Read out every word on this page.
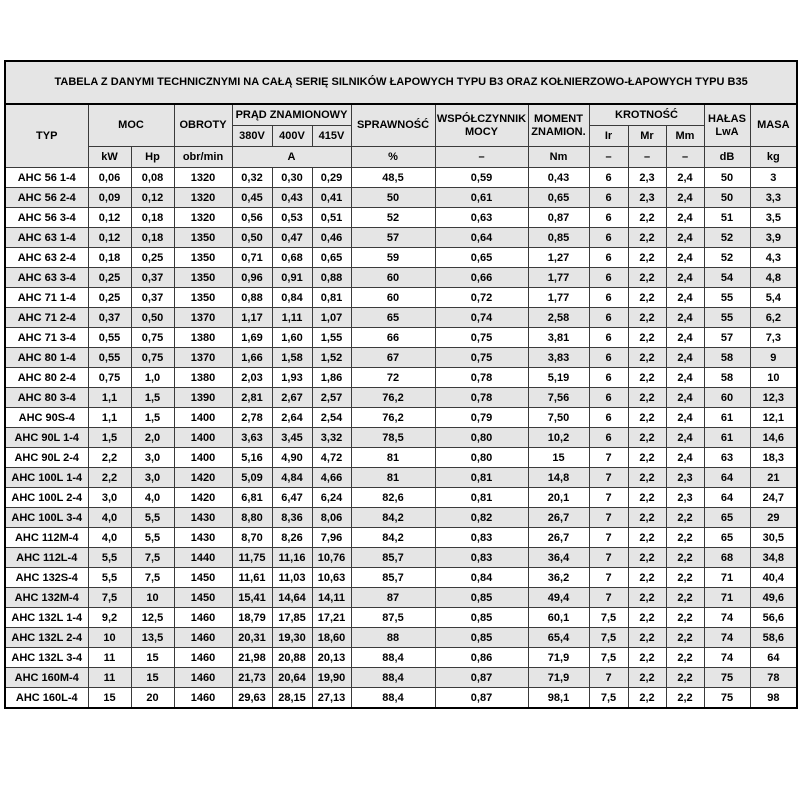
TABELA Z DANYMI TECHNICZNYMI NA CAŁĄ SERIĘ SILNIKÓW ŁAPOWYCH TYPU B3 ORAZ KOŁNIERZOWO-ŁAPOWYCH TYPU B35														
TYP	MOC		OBROTY	PRĄD ZNAMIONOWY			SPRAWNOŚĆ	WSPÓŁCZYNNIK MOCY	MOMENT ZNAMION.	KROTNOŚĆ			HAŁAS LwA	MASA
				380V	400V	415V				Ir	Mr	Mm		
	kW	Hp	obr/min	A			%	–	Nm	–	–	–	dB	kg
AHC 56 1-4	0,06	0,08	1320	0,32	0,30	0,29	48,5	0,59	0,43	6	2,3	2,4	50	3
AHC 56 2-4	0,09	0,12	1320	0,45	0,43	0,41	50	0,61	0,65	6	2,3	2,4	50	3,3
AHC 56 3-4	0,12	0,18	1320	0,56	0,53	0,51	52	0,63	0,87	6	2,2	2,4	51	3,5
AHC 63 1-4	0,12	0,18	1350	0,50	0,47	0,46	57	0,64	0,85	6	2,2	2,4	52	3,9
AHC 63 2-4	0,18	0,25	1350	0,71	0,68	0,65	59	0,65	1,27	6	2,2	2,4	52	4,3
AHC 63 3-4	0,25	0,37	1350	0,96	0,91	0,88	60	0,66	1,77	6	2,2	2,4	54	4,8
AHC 71 1-4	0,25	0,37	1350	0,88	0,84	0,81	60	0,72	1,77	6	2,2	2,4	55	5,4
AHC 71 2-4	0,37	0,50	1370	1,17	1,11	1,07	65	0,74	2,58	6	2,2	2,4	55	6,2
AHC 71 3-4	0,55	0,75	1380	1,69	1,60	1,55	66	0,75	3,81	6	2,2	2,4	57	7,3
AHC 80 1-4	0,55	0,75	1370	1,66	1,58	1,52	67	0,75	3,83	6	2,2	2,4	58	9
AHC 80 2-4	0,75	1,0	1380	2,03	1,93	1,86	72	0,78	5,19	6	2,2	2,4	58	10
AHC 80 3-4	1,1	1,5	1390	2,81	2,67	2,57	76,2	0,78	7,56	6	2,2	2,4	60	12,3
AHC 90S-4	1,1	1,5	1400	2,78	2,64	2,54	76,2	0,79	7,50	6	2,2	2,4	61	12,1
AHC 90L 1-4	1,5	2,0	1400	3,63	3,45	3,32	78,5	0,80	10,2	6	2,2	2,4	61	14,6
AHC 90L 2-4	2,2	3,0	1400	5,16	4,90	4,72	81	0,80	15	7	2,2	2,4	63	18,3
AHC 100L 1-4	2,2	3,0	1420	5,09	4,84	4,66	81	0,81	14,8	7	2,2	2,3	64	21
AHC 100L 2-4	3,0	4,0	1420	6,81	6,47	6,24	82,6	0,81	20,1	7	2,2	2,3	64	24,7
AHC 100L 3-4	4,0	5,5	1430	8,80	8,36	8,06	84,2	0,82	26,7	7	2,2	2,2	65	29
AHC 112M-4	4,0	5,5	1430	8,70	8,26	7,96	84,2	0,83	26,7	7	2,2	2,2	65	30,5
AHC 112L-4	5,5	7,5	1440	11,75	11,16	10,76	85,7	0,83	36,4	7	2,2	2,2	68	34,8
AHC 132S-4	5,5	7,5	1450	11,61	11,03	10,63	85,7	0,84	36,2	7	2,2	2,2	71	40,4
AHC 132M-4	7,5	10	1450	15,41	14,64	14,11	87	0,85	49,4	7	2,2	2,2	71	49,6
AHC 132L 1-4	9,2	12,5	1460	18,79	17,85	17,21	87,5	0,85	60,1	7,5	2,2	2,2	74	56,6
AHC 132L 2-4	10	13,5	1460	20,31	19,30	18,60	88	0,85	65,4	7,5	2,2	2,2	74	58,6
AHC 132L 3-4	11	15	1460	21,98	20,88	20,13	88,4	0,86	71,9	7,5	2,2	2,2	74	64
AHC 160M-4	11	15	1460	21,73	20,64	19,90	88,4	0,87	71,9	7	2,2	2,2	75	78
AHC 160L-4	15	20	1460	29,63	28,15	27,13	88,4	0,87	98,1	7,5	2,2	2,2	75	98
